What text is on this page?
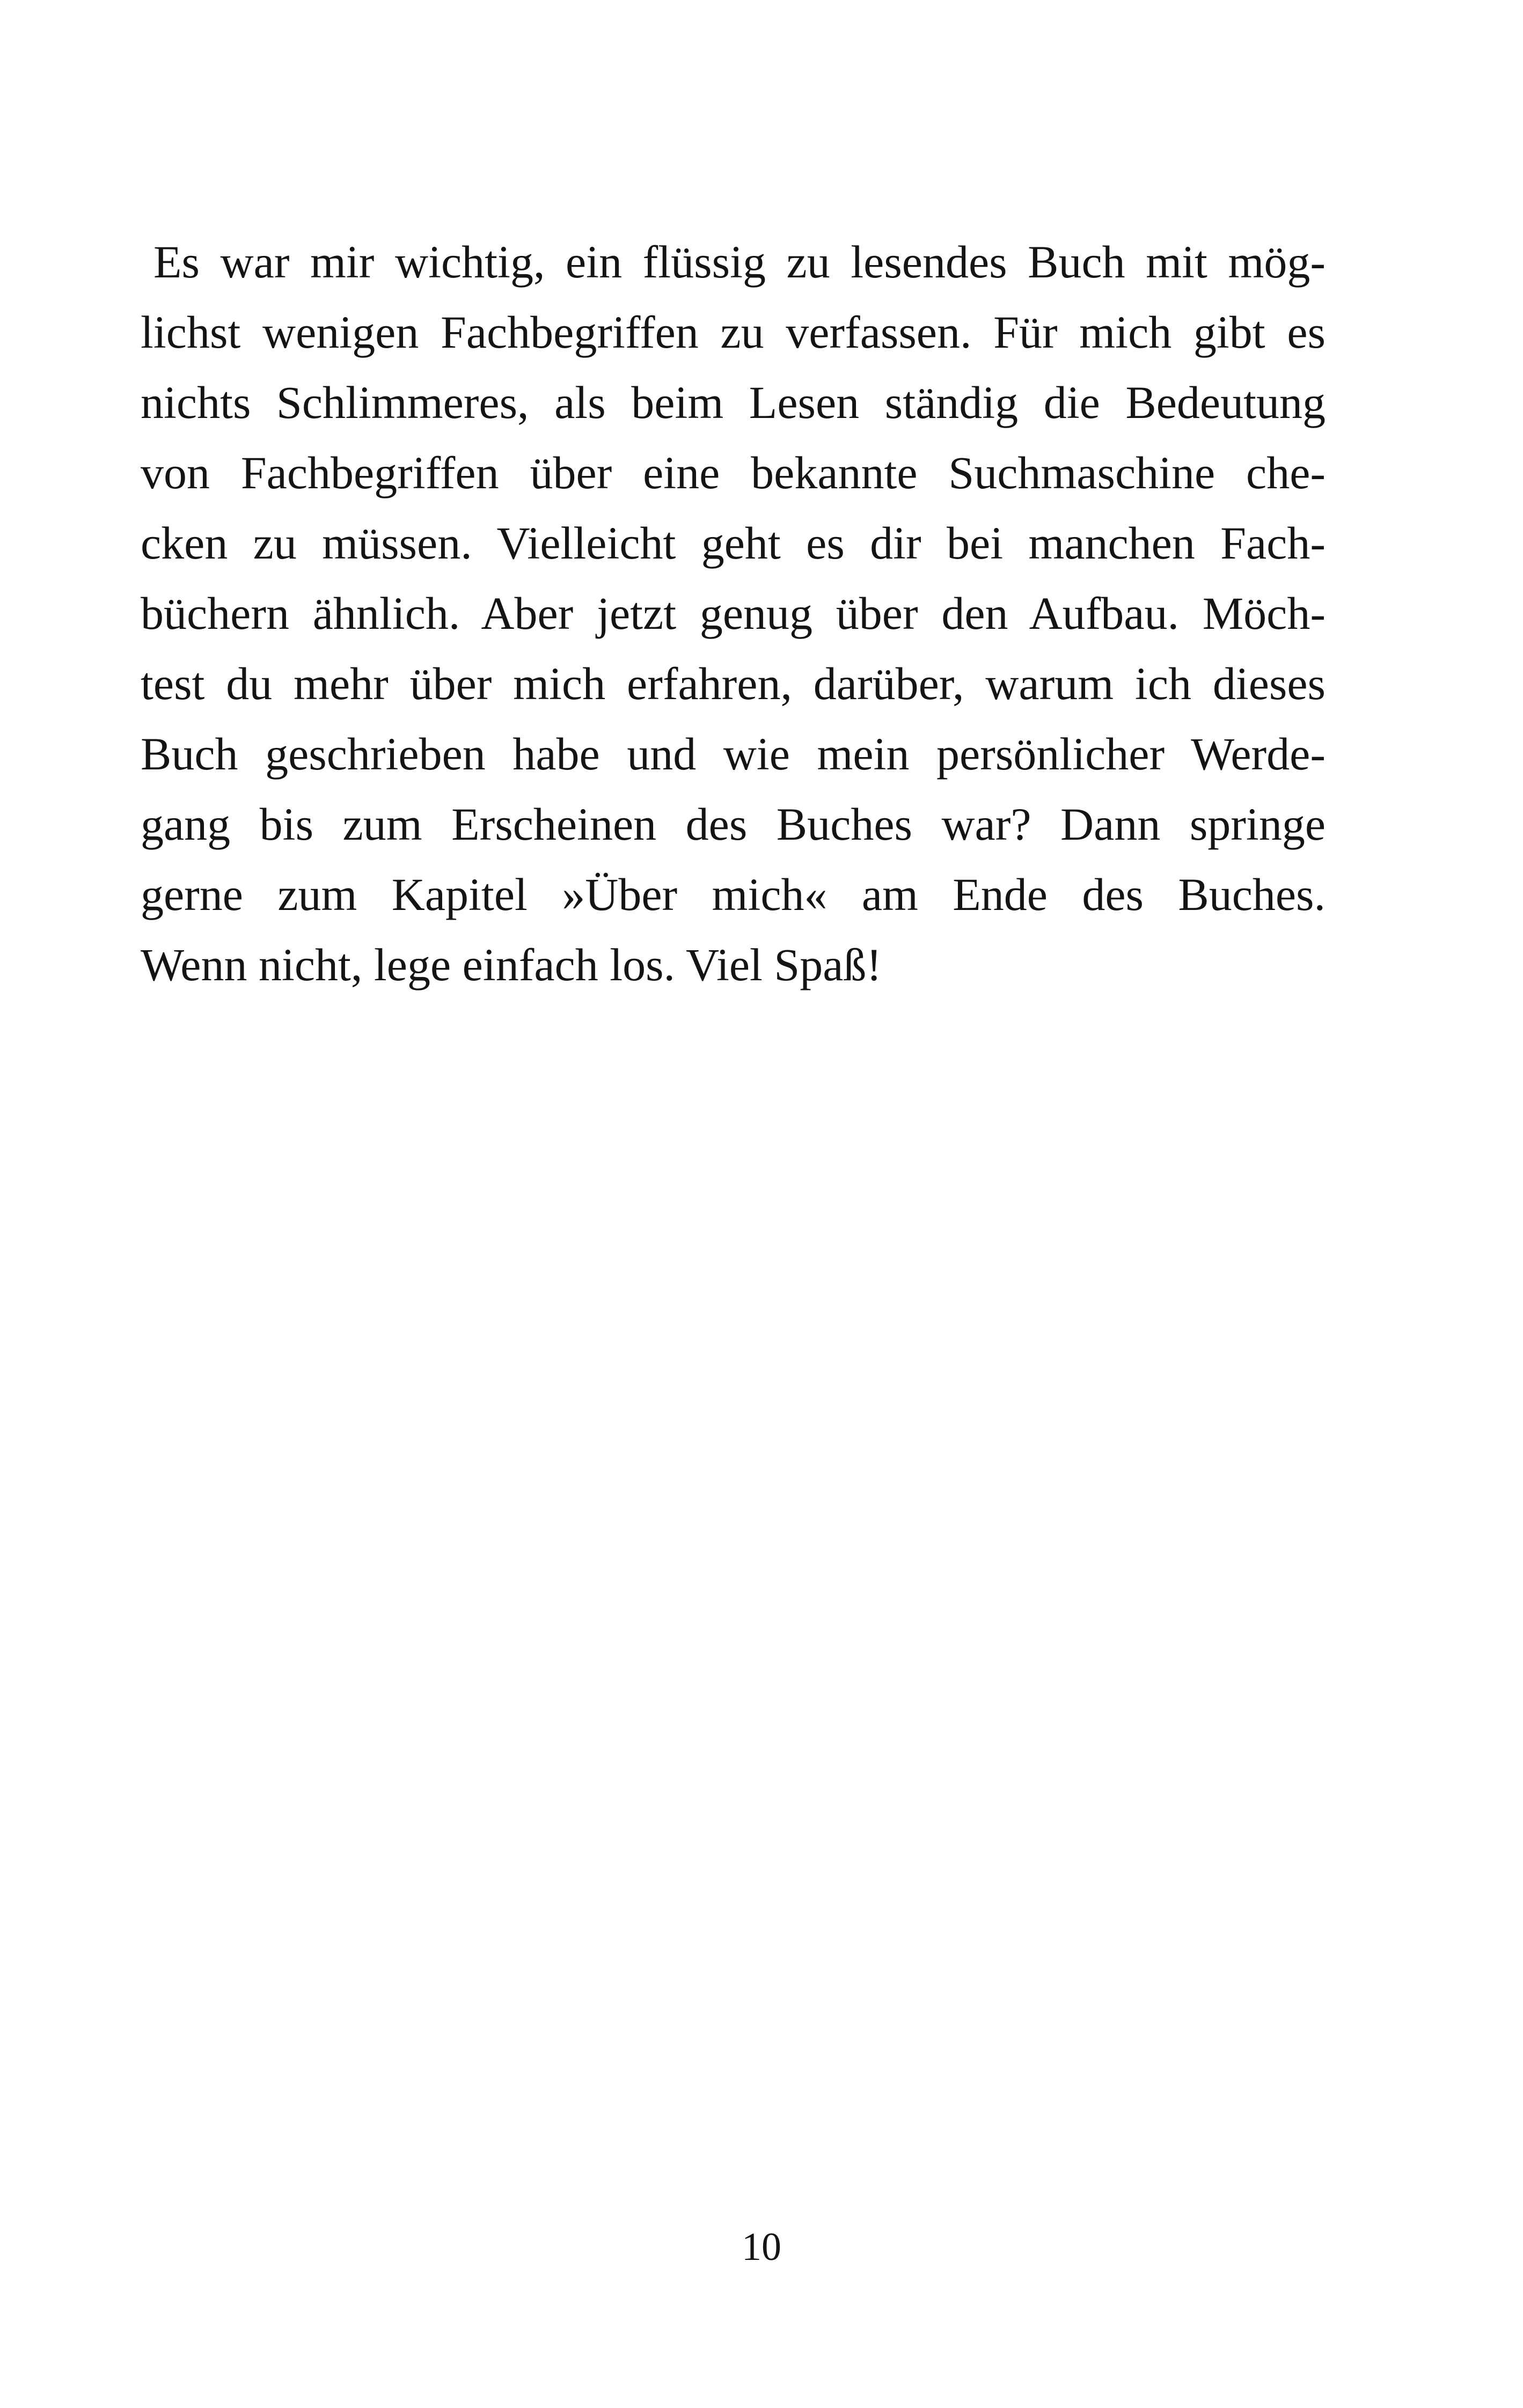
Es war mir wichtig, ein flüssig zu lesendes Buch mit mög-
lichst wenigen Fachbegriffen zu verfassen. Für mich gibt es
nichts Schlimmeres, als beim Lesen ständig die Bedeutung
von Fachbegriffen über eine bekannte Suchmaschine che-
cken zu müssen. Vielleicht geht es dir bei manchen Fach-
büchern ähnlich. Aber jetzt genug über den Aufbau. Möch-
test du mehr über mich erfahren, darüber, warum ich dieses
Buch geschrieben habe und wie mein persönlicher Werde-
gang bis zum Erscheinen des Buches war? Dann springe
gerne zum Kapitel »Über mich« am Ende des Buches.
Wenn nicht, lege einfach los. Viel Spaß!

10
